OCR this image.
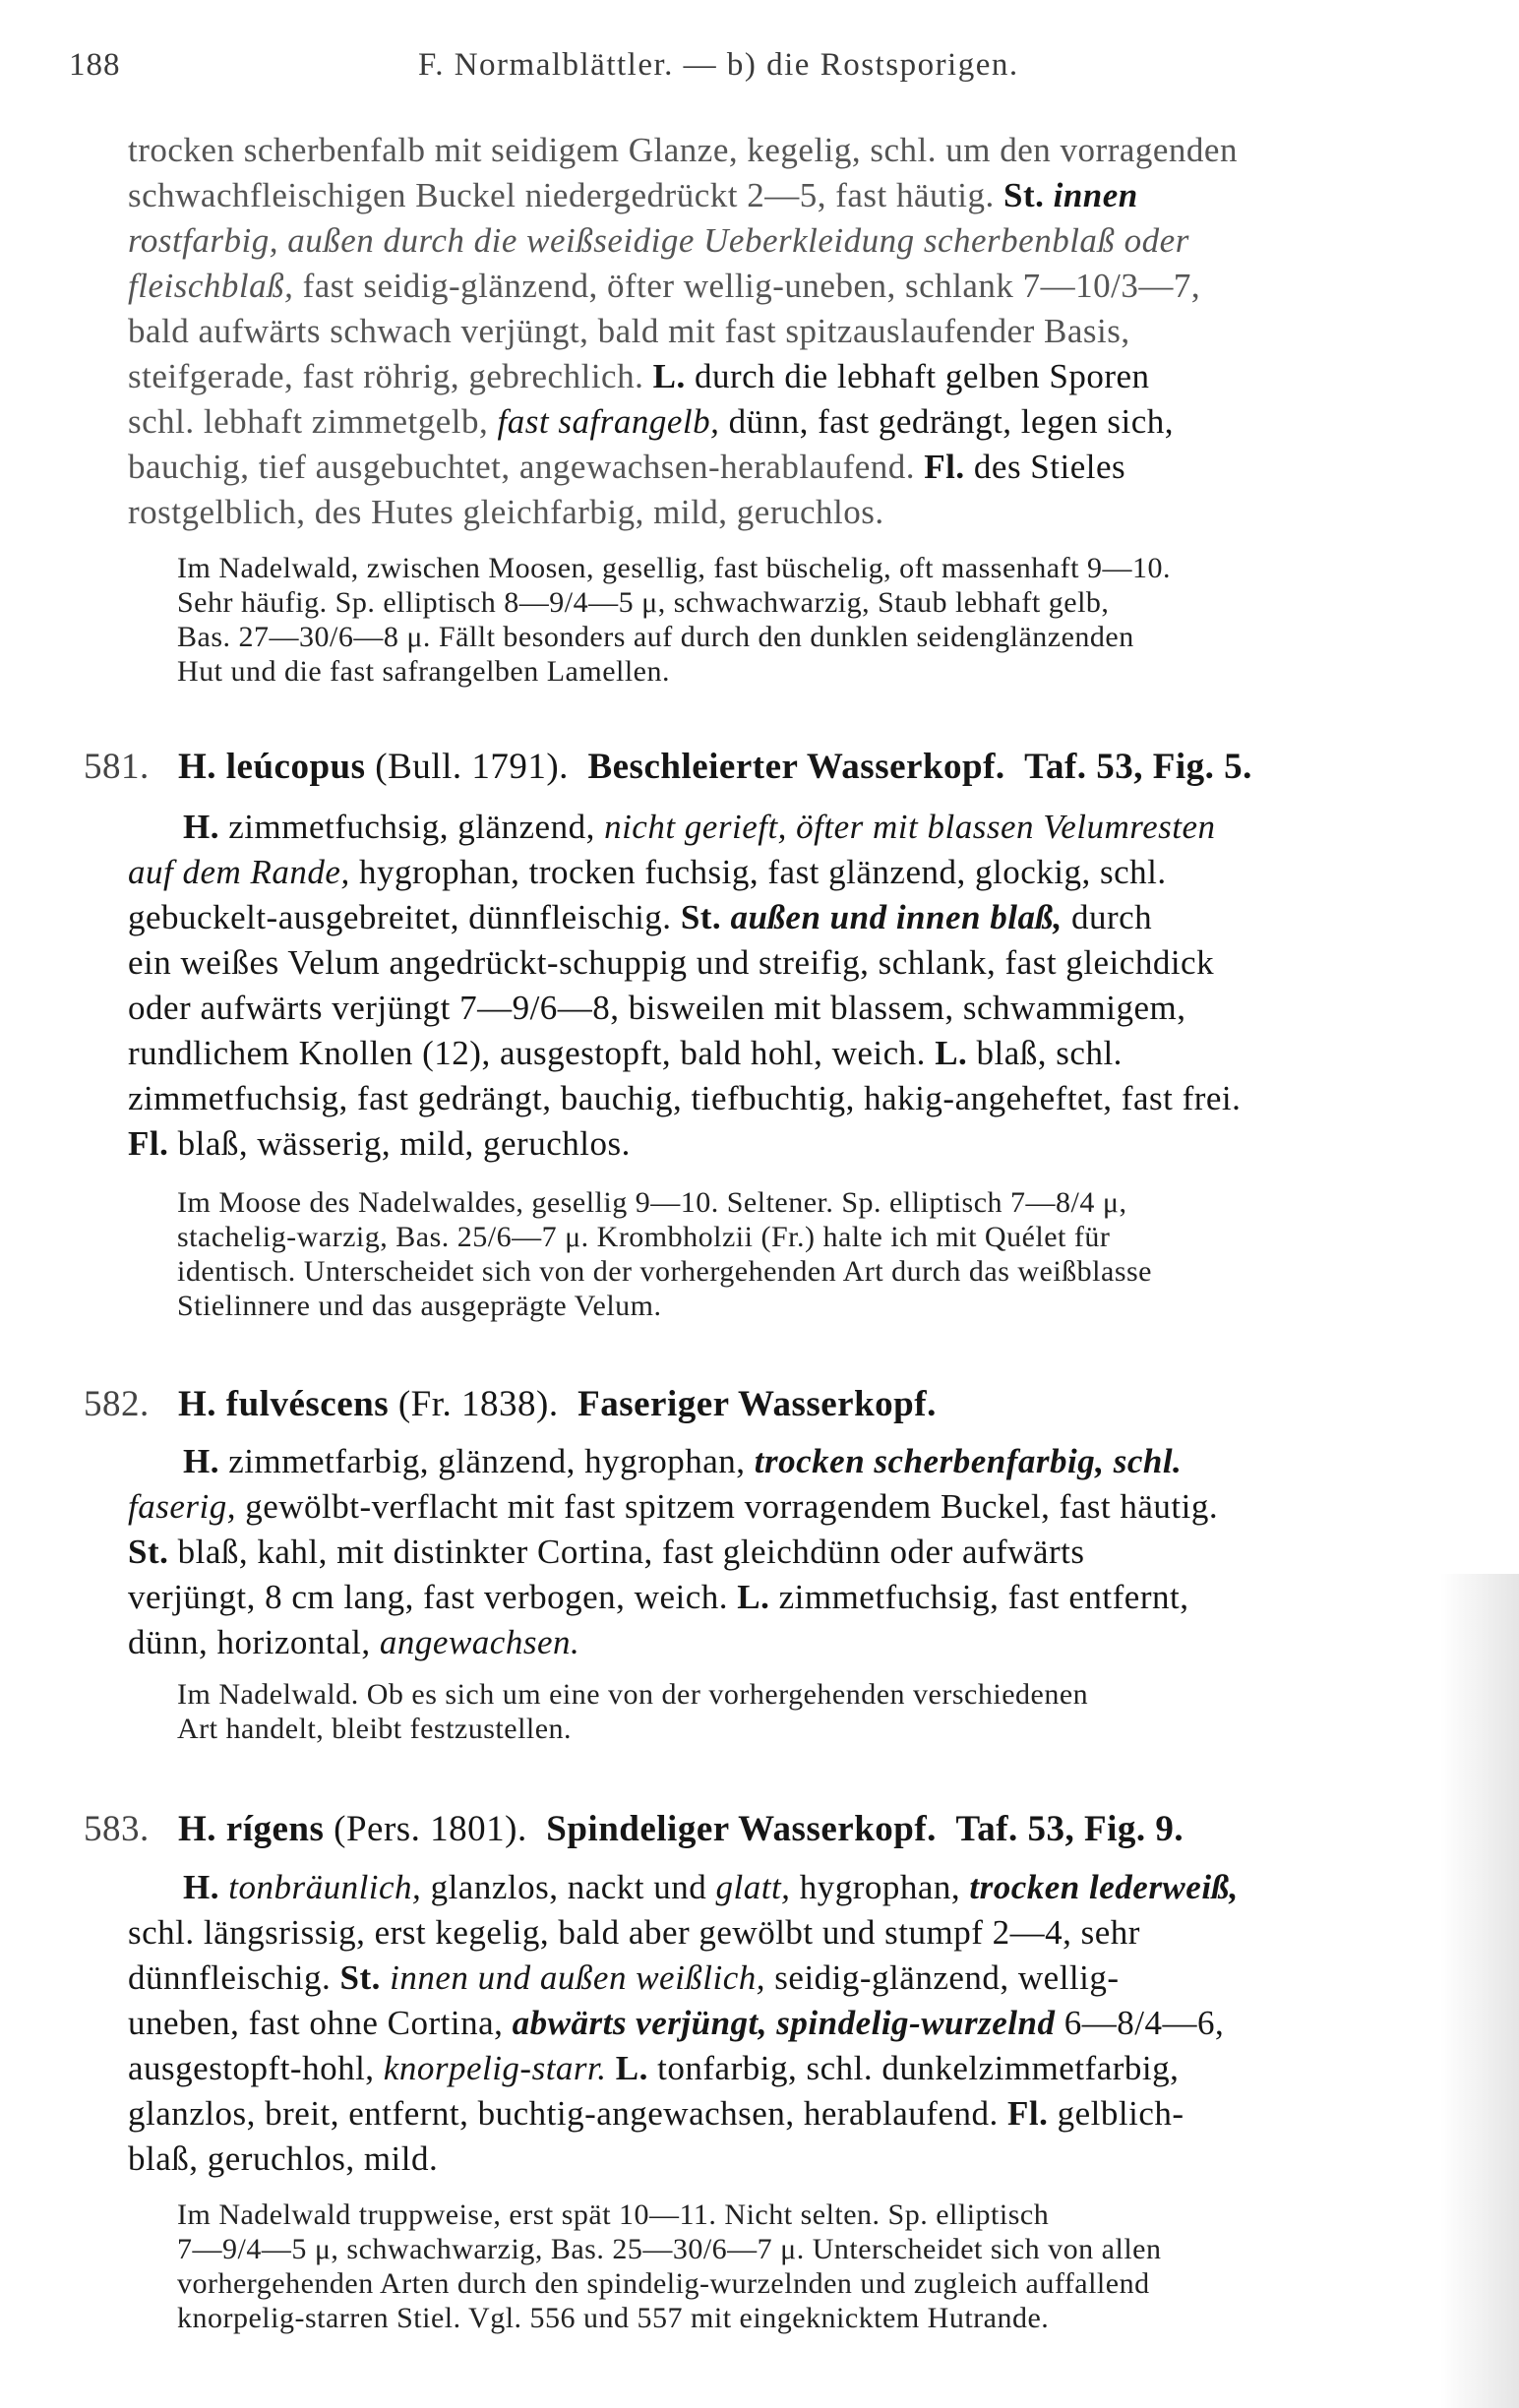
188	F. Normalblättler. — b) die Rostsporigen.
trocken scherbenfalb mit seidigem Glanze, kegelig, schl. um den vorragenden
schwachfleischigen Buckel niedergedrückt 2—5, fast häutig. St. innen
rostfarbig, außen durch die weißseidige Ueberkleidung scherbenblaß oder
fleischblaß, fast seidig-glänzend, öfter wellig-uneben, schlank 7—10/3—7,
bald aufwärts schwach verjüngt, bald mit fast spitzauslaufender Basis,
steifgerade, fast röhrig, gebrechlich. L. durch die lebhaft gelben Sporen
schl. lebhaft zimmetgelb, fast safrangelb, dünn, fast gedrängt, legen sich,
bauchig, tief ausgebuchtet, angewachsen-herablaufend. Fl. des Stieles
rostgelblich, des Hutes gleichfarbig, mild, geruchlos.
Im Nadelwald, zwischen Moosen, gesellig, fast büschelig, oft massenhaft 9—10.
Sehr häufig. Sp. elliptisch 8—9/4—5 μ, schwachwarzig, Staub lebhaft gelb,
Bas. 27—30/6—8 μ. Fällt besonders auf durch den dunklen seidenglänzenden
Hut und die fast safrangelben Lamellen.
581. H. leúcopus (Bull. 1791). Beschleierter Wasserkopf. Taf. 53, Fig. 5.
H. zimmetfuchsig, glänzend, nicht gerieft, öfter mit blassen Velumresten
auf dem Rande, hygrophan, trocken fuchsig, fast glänzend, glockig, schl.
gebuckelt-ausgebreitet, dünnfleischig. St. außen und innen blaß, durch
ein weißes Velum angedrückt-schuppig und streifig, schlank, fast gleichdick
oder aufwärts verjüngt 7—9/6—8, bisweilen mit blassem, schwammigem,
rundlichem Knollen (12), ausgestopft, bald hohl, weich. L. blaß, schl.
zimmetfuchsig, fast gedrängt, bauchig, tiefbuchtig, hakig-angeheftet, fast frei.
Fl. blaß, wässerig, mild, geruchlos.
Im Moose des Nadelwaldes, gesellig 9—10. Seltener. Sp. elliptisch 7—8/4 μ,
stachelig-warzig, Bas. 25/6—7 μ. Krombholzii (Fr.) halte ich mit Quélet für
identisch. Unterscheidet sich von der vorhergehenden Art durch das weißblasse
Stielinnere und das ausgeprägte Velum.
582. H. fulvéscens (Fr. 1838). Faseriger Wasserkopf.
H. zimmetfarbig, glänzend, hygrophan, trocken scherbenfarbig, schl.
faserig, gewölbt-verflacht mit fast spitzem vorragendem Buckel, fast häutig.
St. blaß, kahl, mit distinkter Cortina, fast gleichdünn oder aufwärts
verjüngt, 8 cm lang, fast verbogen, weich. L. zimmetfuchsig, fast entfernt,
dünn, horizontal, angewachsen.
Im Nadelwald. Ob es sich um eine von der vorhergehenden verschiedenen
Art handelt, bleibt festzustellen.
583. H. rígens (Pers. 1801). Spindeliger Wasserkopf. Taf. 53, Fig. 9.
H. tonbräunlich, glanzlos, nackt und glatt, hygrophan, trocken lederweiß,
schl. längsrissig, erst kegelig, bald aber gewölbt und stumpf 2—4, sehr
dünnfleischig. St. innen und außen weißlich, seidig-glänzend, wellig-
uneben, fast ohne Cortina, abwärts verjüngt, spindelig-wurzelnd 6—8/4—6,
ausgestopft-hohl, knorpelig-starr. L. tonfarbig, schl. dunkelzimmetfarbig,
glanzlos, breit, entfernt, buchtig-angewachsen, herablaufend. Fl. gelblich-
blaß, geruchlos, mild.
Im Nadelwald truppweise, erst spät 10—11. Nicht selten. Sp. elliptisch
7—9/4—5 μ, schwachwarzig, Bas. 25—30/6—7 μ. Unterscheidet sich von allen
vorhergehenden Arten durch den spindelig-wurzelnden und zugleich auffallend
knorpelig-starren Stiel. Vgl. 556 und 557 mit eingeknicktem Hutrande.
